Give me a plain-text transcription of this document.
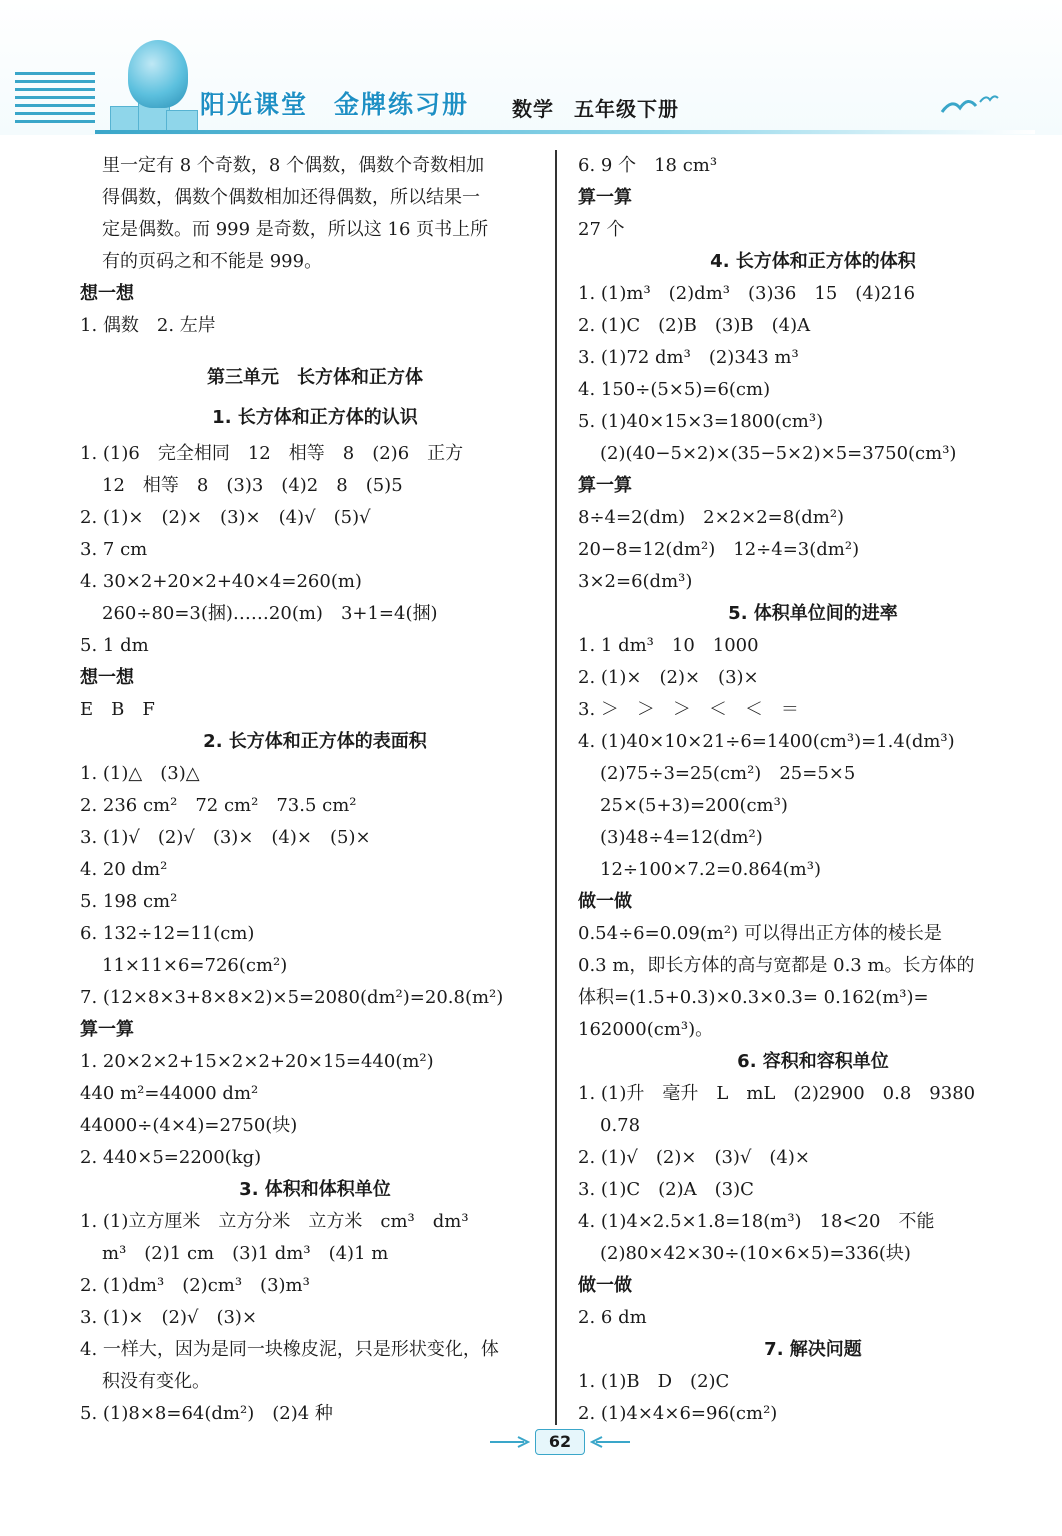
阳光课堂 金牌练习册 数学 五年级下册
里一定有 8 个奇数，8 个偶数，偶数个奇数相加
得偶数，偶数个偶数相加还得偶数，所以结果一
定是偶数。而 999 是奇数，所以这 16 页书上所
有的页码之和不能是 999。
想一想
1. 偶数　2. 左岸
第三单元　长方体和正方体
1. 长方体和正方体的认识
1. (1)6　完全相同　12　相等　8　(2)6　正方
12　相等　8　(3)3　(4)2　8　(5)5
2. (1)×　(2)×　(3)×　(4)√　(5)√
3. 7 cm
4. 30×2+20×2+40×4=260(m)
260÷80=3(捆)……20(m)　3+1=4(捆)
5. 1 dm
想一想
E　B　F
2. 长方体和正方体的表面积
1. (1)△　(3)△
2. 236 cm²　72 cm²　73.5 cm²
3. (1)√　(2)√　(3)×　(4)×　(5)×
4. 20 dm²
5. 198 cm²
6. 132÷12=11(cm)
11×11×6=726(cm²)
7. (12×8×3+8×8×2)×5=2080(dm²)=20.8(m²)
算一算
1. 20×2×2+15×2×2+20×15=440(m²)
440 m²=44000 dm²
44000÷(4×4)=2750(块)
2. 440×5=2200(kg)
3. 体积和体积单位
1. (1)立方厘米　立方分米　立方米　cm³　dm³
m³　(2)1 cm　(3)1 dm³　(4)1 m
2. (1)dm³　(2)cm³　(3)m³
3. (1)×　(2)√　(3)×
4. 一样大，因为是同一块橡皮泥，只是形状变化，体
积没有变化。
5. (1)8×8=64(dm²)　(2)4 种
6. 9 个　18 cm³
算一算
27 个
4. 长方体和正方体的体积
1. (1)m³　(2)dm³　(3)36　15　(4)216
2. (1)C　(2)B　(3)B　(4)A
3. (1)72 dm³　(2)343 m³
4. 150÷(5×5)=6(cm)
5. (1)40×15×3=1800(cm³)
(2)(40−5×2)×(35−5×2)×5=3750(cm³)
算一算
8÷4=2(dm)　2×2×2=8(dm²)
20−8=12(dm²)　12÷4=3(dm²)
3×2=6(dm³)
5. 体积单位间的进率
1. 1 dm³　10　1000
2. (1)×　(2)×　(3)×
3. ＞　＞　＞　＜　＜　＝
4. (1)40×10×21÷6=1400(cm³)=1.4(dm³)
(2)75÷3=25(cm²)　25=5×5
25×(5+3)=200(cm³)
(3)48÷4=12(dm²)
12÷100×7.2=0.864(m³)
做一做
0.54÷6=0.09(m²) 可以得出正方体的棱长是
0.3 m，即长方体的高与宽都是 0.3 m。长方体的
体积=(1.5+0.3)×0.3×0.3= 0.162(m³)=
162000(cm³)。
6. 容积和容积单位
1. (1)升　毫升　L　mL　(2)2900　0.8　9380
0.78
2. (1)√　(2)×　(3)√　(4)×
3. (1)C　(2)A　(3)C
4. (1)4×2.5×1.8=18(m³)　18<20　不能
(2)80×42×30÷(10×6×5)=336(块)
做一做
2. 6 dm
7. 解决问题
1. (1)B　D　(2)C
2. (1)4×4×6=96(cm²)
62
